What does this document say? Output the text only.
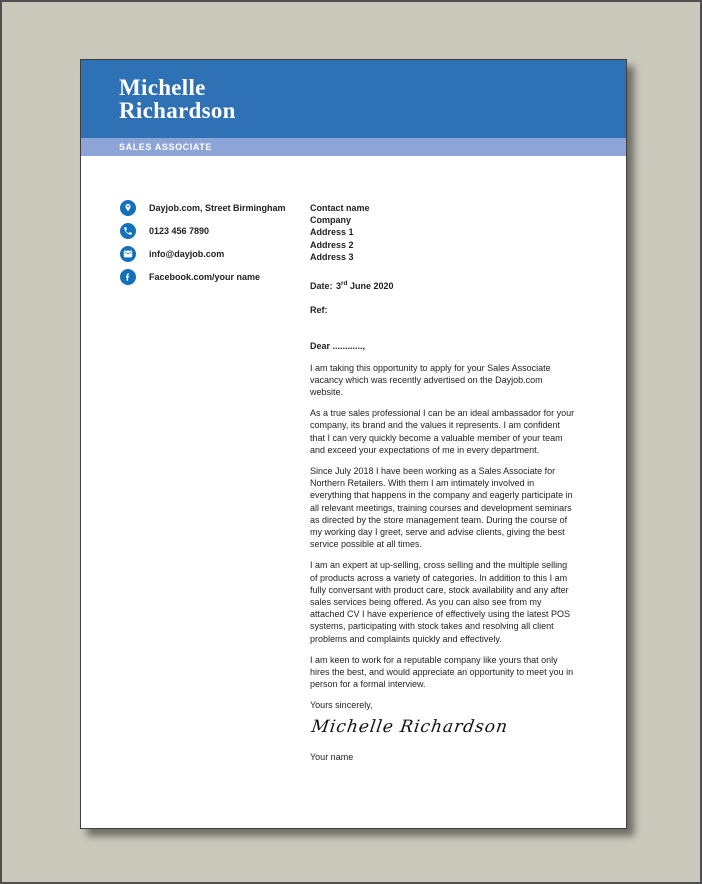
Michelle
Richardson
SALES ASSOCIATE
Dayjob.com, Street Birmingham
0123 456 7890
info@dayjob.com
Facebook.com/your name
Contact name
Company
Address 1
Address 2
Address 3
Date: 3rd June 2020
Ref:
Dear ............,
I am taking this opportunity to apply for your Sales Associate vacancy which was recently advertised on the Dayjob.com website.
As a true sales professional I can be an ideal ambassador for your company, its brand and the values it represents. I am confident that I can very quickly become a valuable member of your team and exceed your expectations of me in every department.
Since July 2018 I have been working as a Sales Associate for Northern Retailers. With them I am intimately involved in everything that happens in the company and eagerly participate in all relevant meetings, training courses and development seminars as directed by the store management team. During the course of my working day I greet, serve and advise clients, giving the best service possible at all times.
I am an expert at up-selling, cross selling and the multiple selling of products across a variety of categories. In addition to this I am fully conversant with product care, stock availability and any after sales services being offered. As you can also see from my attached CV I have experience of effectively using the latest POS systems, participating with stock takes and resolving all client problems and complaints quickly and effectively.
I am keen to work for a reputable company like yours that only hires the best, and would appreciate an opportunity to meet you in person for a formal interview.
Yours sincerely,
Michelle Richardson
Your name
